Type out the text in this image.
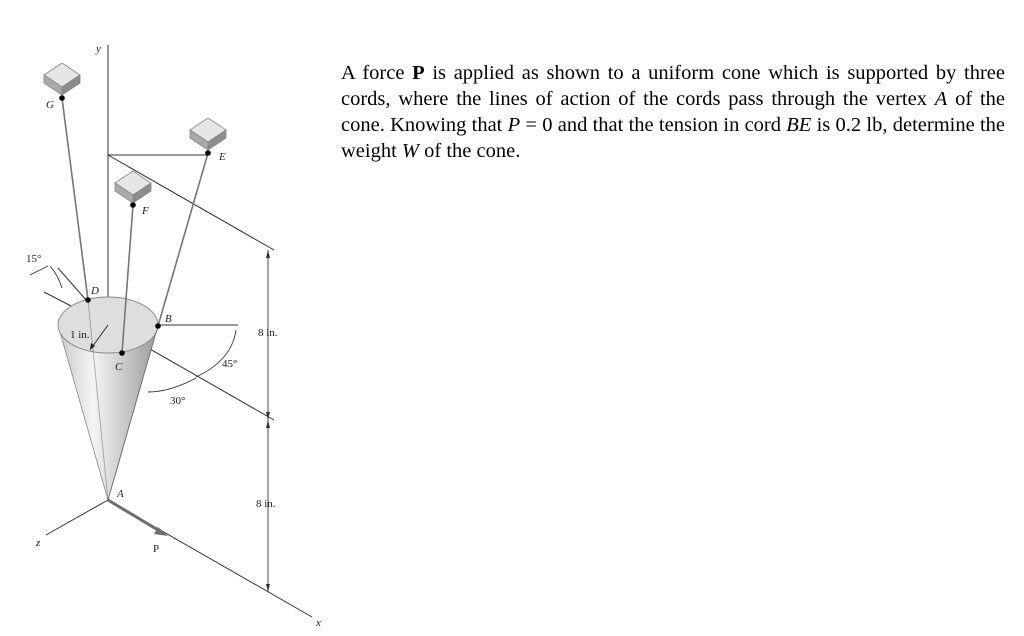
y
z
x
1 in.
G
E
F
D
B
C
A
P
8 in.
8 in.
15°
45°
30°

A force P is applied as shown to a uniform cone which is supported by three cords, where the lines of action of the cords pass through the vertex A of the cone. Knowing that P = 0 and that the tension in cord BE is 0.2 lb, determine the weight W of the cone.
